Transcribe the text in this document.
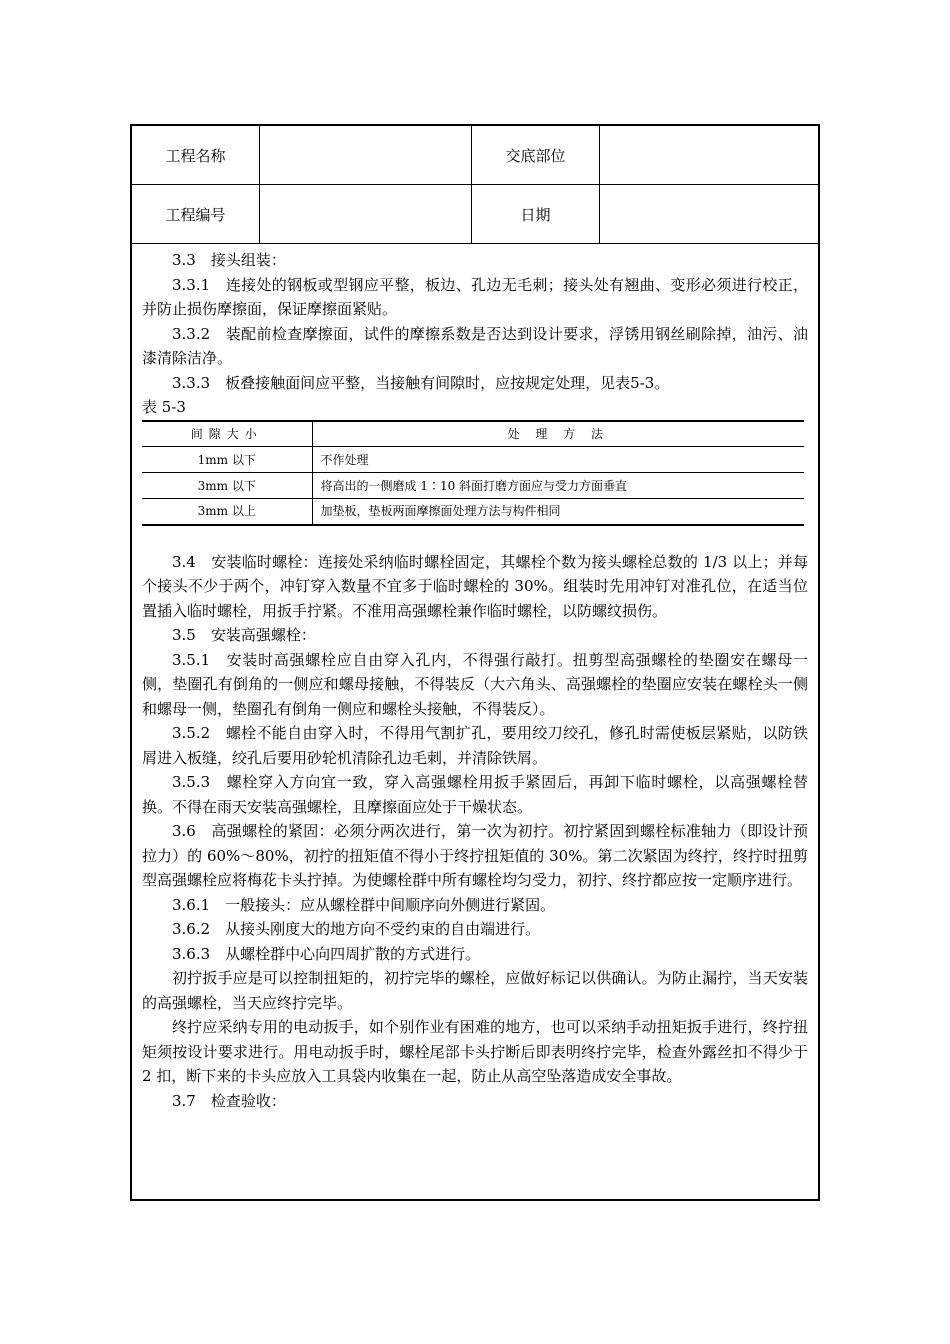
工程名称	交底部位
工程编号	日期

3.3　接头组装：

3.3.1　连接处的钢板或型钢应平整，板边、孔边无毛刺；接头处有翘曲、变形必须进行校正，并防止损伤摩擦面，保证摩擦面紧贴。

3.3.2　装配前检查摩擦面，试件的摩擦系数是否达到设计要求，浮锈用钢丝刷除掉，油污、油漆清除洁净。

3.3.3　板叠接触面间应平整，当接触有间隙时，应按规定处理，见表5-3。

表 5-3

间隙大小	处 理 方 法
1mm 以下	不作处理
3mm 以下	将高出的一侧磨成 1∶10 斜面打磨方面应与受力方面垂直
3mm 以上	加垫板，垫板两面摩擦面处理方法与构件相同

3.4　安装临时螺栓：连接处采纳临时螺栓固定，其螺栓个数为接头螺栓总数的 1/3 以上；并每个接头不少于两个，冲钉穿入数量不宜多于临时螺栓的 30%。组装时先用冲钉对准孔位，在适当位置插入临时螺栓，用扳手拧紧。不准用高强螺栓兼作临时螺栓，以防螺纹损伤。

3.5　安装高强螺栓：

3.5.1　安装时高强螺栓应自由穿入孔内，不得强行敲打。扭剪型高强螺栓的垫圈安在螺母一侧，垫圈孔有倒角的一侧应和螺母接触，不得装反（大六角头、高强螺栓的垫圈应安装在螺栓头一侧和螺母一侧，垫圈孔有倒角一侧应和螺栓头接触，不得装反）。

3.5.2　螺栓不能自由穿入时，不得用气割扩孔，要用绞刀绞孔，修孔时需使板层紧贴，以防铁屑进入板缝，绞孔后要用砂轮机清除孔边毛刺，并清除铁屑。

3.5.3　螺栓穿入方向宜一致，穿入高强螺栓用扳手紧固后，再卸下临时螺栓，以高强螺栓替换。不得在雨天安装高强螺栓，且摩擦面应处于干燥状态。

3.6　高强螺栓的紧固：必须分两次进行，第一次为初拧。初拧紧固到螺栓标准轴力（即设计预拉力）的 60%～80%，初拧的扭矩值不得小于终拧扭矩值的 30%。第二次紧固为终拧，终拧时扭剪型高强螺栓应将梅花卡头拧掉。为使螺栓群中所有螺栓均匀受力，初拧、终拧都应按一定顺序进行。

3.6.1　一般接头：应从螺栓群中间顺序向外侧进行紧固。

3.6.2　从接头刚度大的地方向不受约束的自由端进行。

3.6.3　从螺栓群中心向四周扩散的方式进行。

初拧扳手应是可以控制扭矩的，初拧完毕的螺栓，应做好标记以供确认。为防止漏拧，当天安装的高强螺栓，当天应终拧完毕。

终拧应采纳专用的电动扳手，如个别作业有困难的地方，也可以采纳手动扭矩扳手进行，终拧扭矩须按设计要求进行。用电动扳手时，螺栓尾部卡头拧断后即表明终拧完毕，检查外露丝扣不得少于 2 扣，断下来的卡头应放入工具袋内收集在一起，防止从高空坠落造成安全事故。

3.7　检查验收：
